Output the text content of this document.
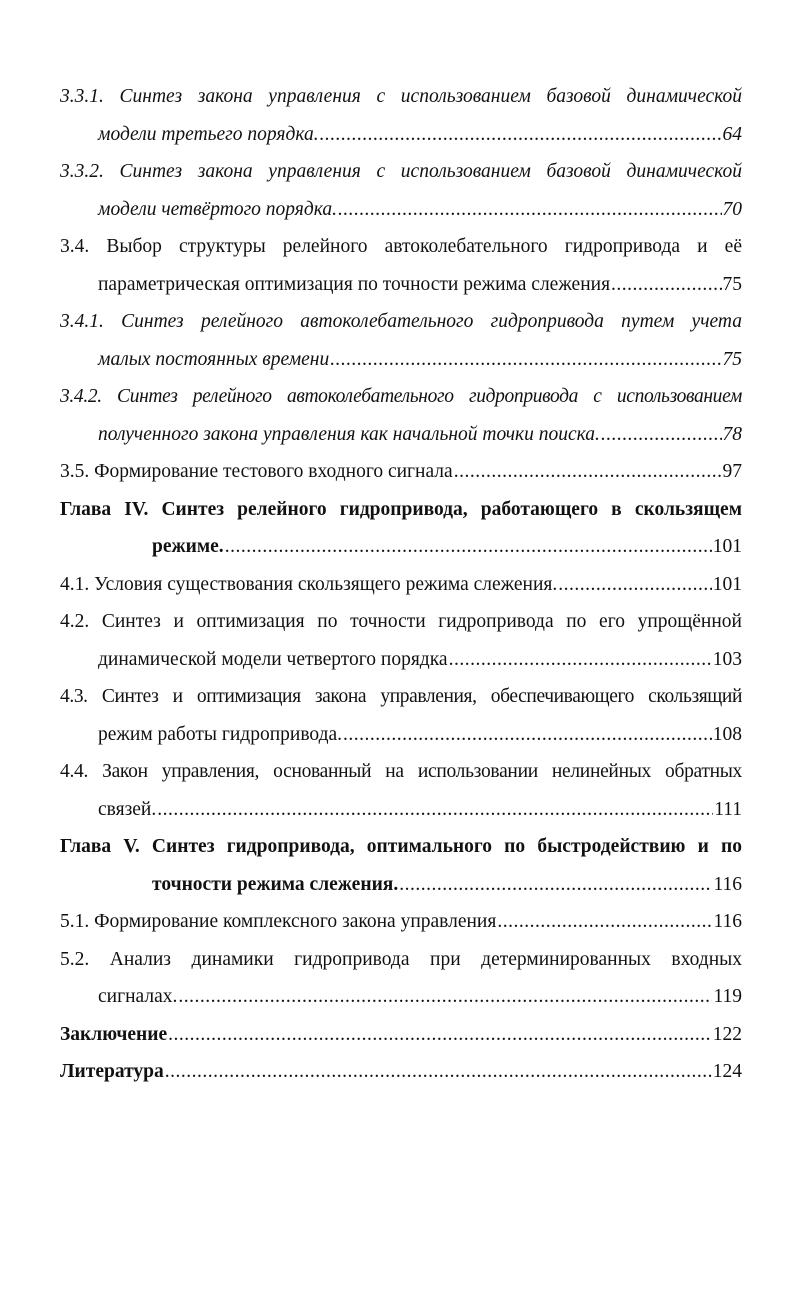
3.3.1. Синтез закона управления с использованием базовой динамической
модели третьего порядка. .....	64
3.3.2. Синтез закона управления с использованием базовой динамической
модели четвёртого порядка. .....	70
3.4. Выбор структуры релейного автоколебательного гидропривода и её
параметрическая оптимизация по точности режима слежения .....	75
3.4.1. Синтез релейного автоколебательного гидропривода путем учета
малых постоянных времени .....	75
3.4.2. Синтез релейного автоколебательного гидропривода с использованием
полученного закона управления как начальной точки поиска. .....	78
3.5. Формирование тестового входного сигнала .....	97
Глава IV. Синтез релейного гидропривода, работающего в скользящем
режиме. .....	101
4.1. Условия существования скользящего режима слежения. .....	101
4.2. Синтез и оптимизация по точности гидропривода по его упрощённой
динамической модели четвертого порядка .....	103
4.3. Синтез и оптимизация закона управления, обеспечивающего скользящий
режим работы гидропривода. .....	108
4.4. Закон управления, основанный на использовании нелинейных обратных
связей. .....	111
Глава V. Синтез гидропривода, оптимального по быстродействию и по
точности режима слежения. .....	116
5.1. Формирование комплексного закона управления .....	116
5.2. Анализ динамики гидропривода при детерминированных входных
сигналах. .....	119
Заключение .....	122
Литература .....	124
